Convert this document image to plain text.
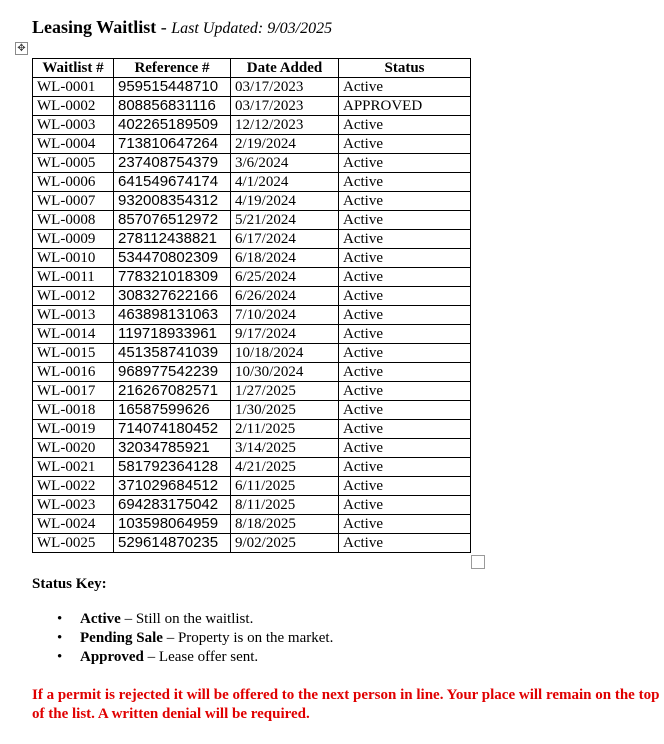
Leasing Waitlist - Last Updated: 9/03/2025
✥
Waitlist #	Reference #	Date Added	Status
WL-0001	959515448710	03/17/2023	Active
WL-0002	808856831116	03/17/2023	APPROVED
WL-0003	402265189509	12/12/2023	Active
WL-0004	713810647264	2/19/2024	Active
WL-0005	237408754379	3/6/2024	Active
WL-0006	641549674174	4/1/2024	Active
WL-0007	932008354312	4/19/2024	Active
WL-0008	857076512972	5/21/2024	Active
WL-0009	278112438821	6/17/2024	Active
WL-0010	534470802309	6/18/2024	Active
WL-0011	778321018309	6/25/2024	Active
WL-0012	308327622166	6/26/2024	Active
WL-0013	463898131063	7/10/2024	Active
WL-0014	119718933961	9/17/2024	Active
WL-0015	451358741039	10/18/2024	Active
WL-0016	968977542239	10/30/2024	Active
WL-0017	216267082571	1/27/2025	Active
WL-0018	16587599626	1/30/2025	Active
WL-0019	714074180452	2/11/2025	Active
WL-0020	32034785921	3/14/2025	Active
WL-0021	581792364128	4/21/2025	Active
WL-0022	371029684512	6/11/2025	Active
WL-0023	694283175042	8/11/2025	Active
WL-0024	103598064959	8/18/2025	Active
WL-0025	529614870235	9/02/2025	Active
Status Key:
• Active – Still on the waitlist.
• Pending Sale – Property is on the market.
• Approved – Lease offer sent.
If a permit is rejected it will be offered to the next person in line. Your place will remain on the top of the list. A written denial will be required.
